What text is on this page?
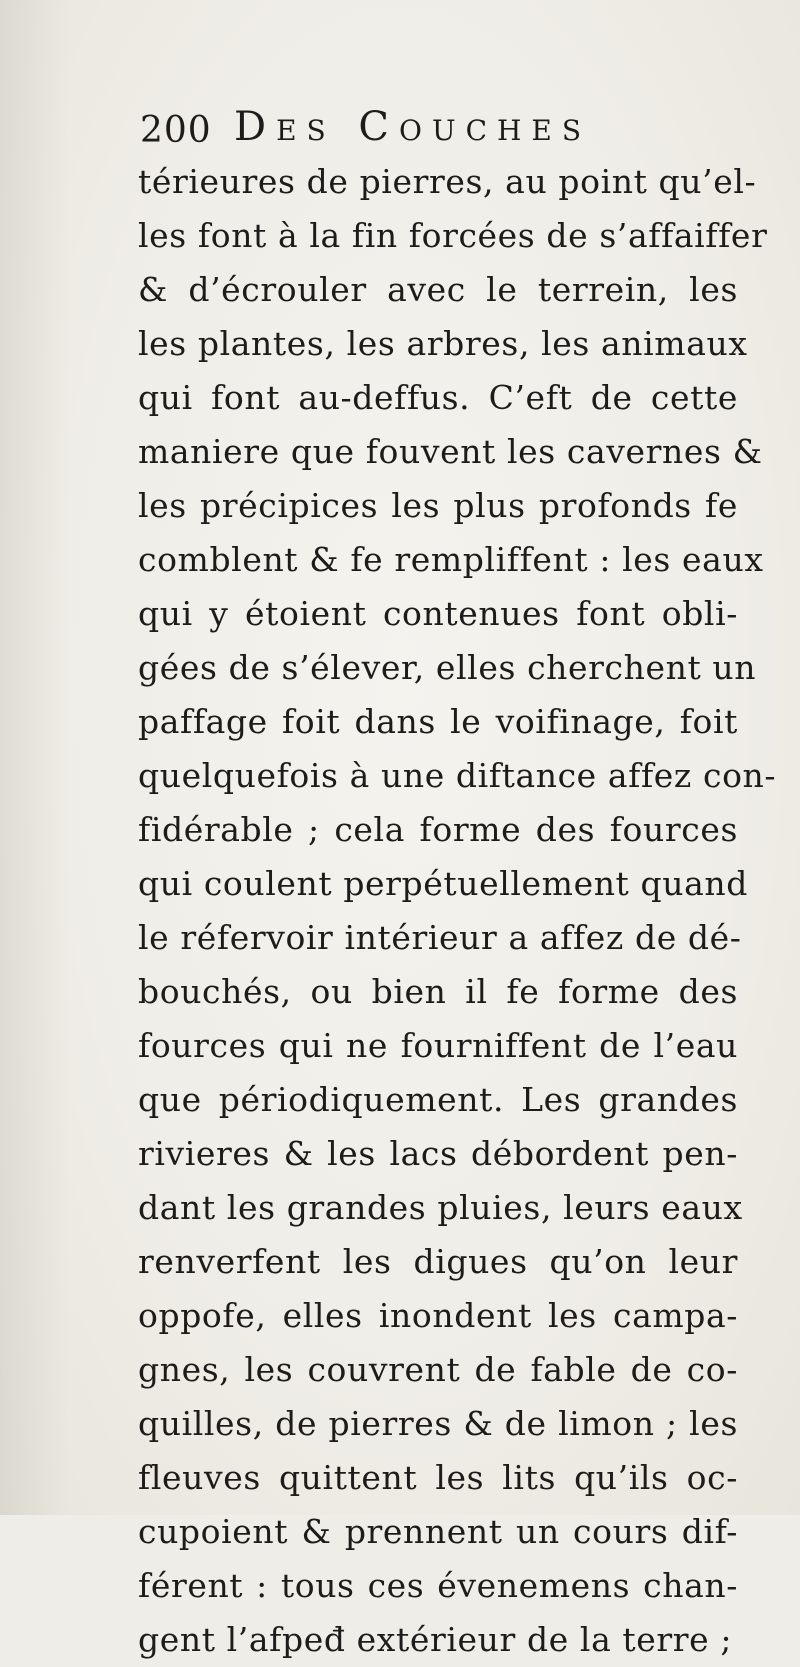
200 Des Couches
térieures de pierres, au point qu’el-
les font à la fin forcées de s’affaiffer
& d’écrouler avec le terrein, les
les plantes, les arbres, les animaux
qui font au-deffus. C’eft de cette
maniere que fouvent les cavernes &
les précipices les plus profonds fe
comblent & fe rempliffent : les eaux
qui y étoient contenues font obli-
gées de s’élever, elles cherchent un
paffage foit dans le voifinage, foit
quelquefois à une diftance affez con-
fidérable ; cela forme des fources
qui coulent perpétuellement quand
le réfervoir intérieur a affez de dé-
bouchés, ou bien il fe forme des
fources qui ne fourniffent de l’eau
que périodiquement. Les grandes
rivieres & les lacs débordent pen-
dant les grandes pluies, leurs eaux
renverfent les digues qu’on leur
oppofe, elles inondent les campa-
gnes, les couvrent de fable de co-
quilles, de pierres & de limon ; les
fleuves quittent les lits qu’ils oc-
cupoient & prennent un cours dif-
férent : tous ces évenemens chan-
gent l’afpeđ extérieur de la terre ;
